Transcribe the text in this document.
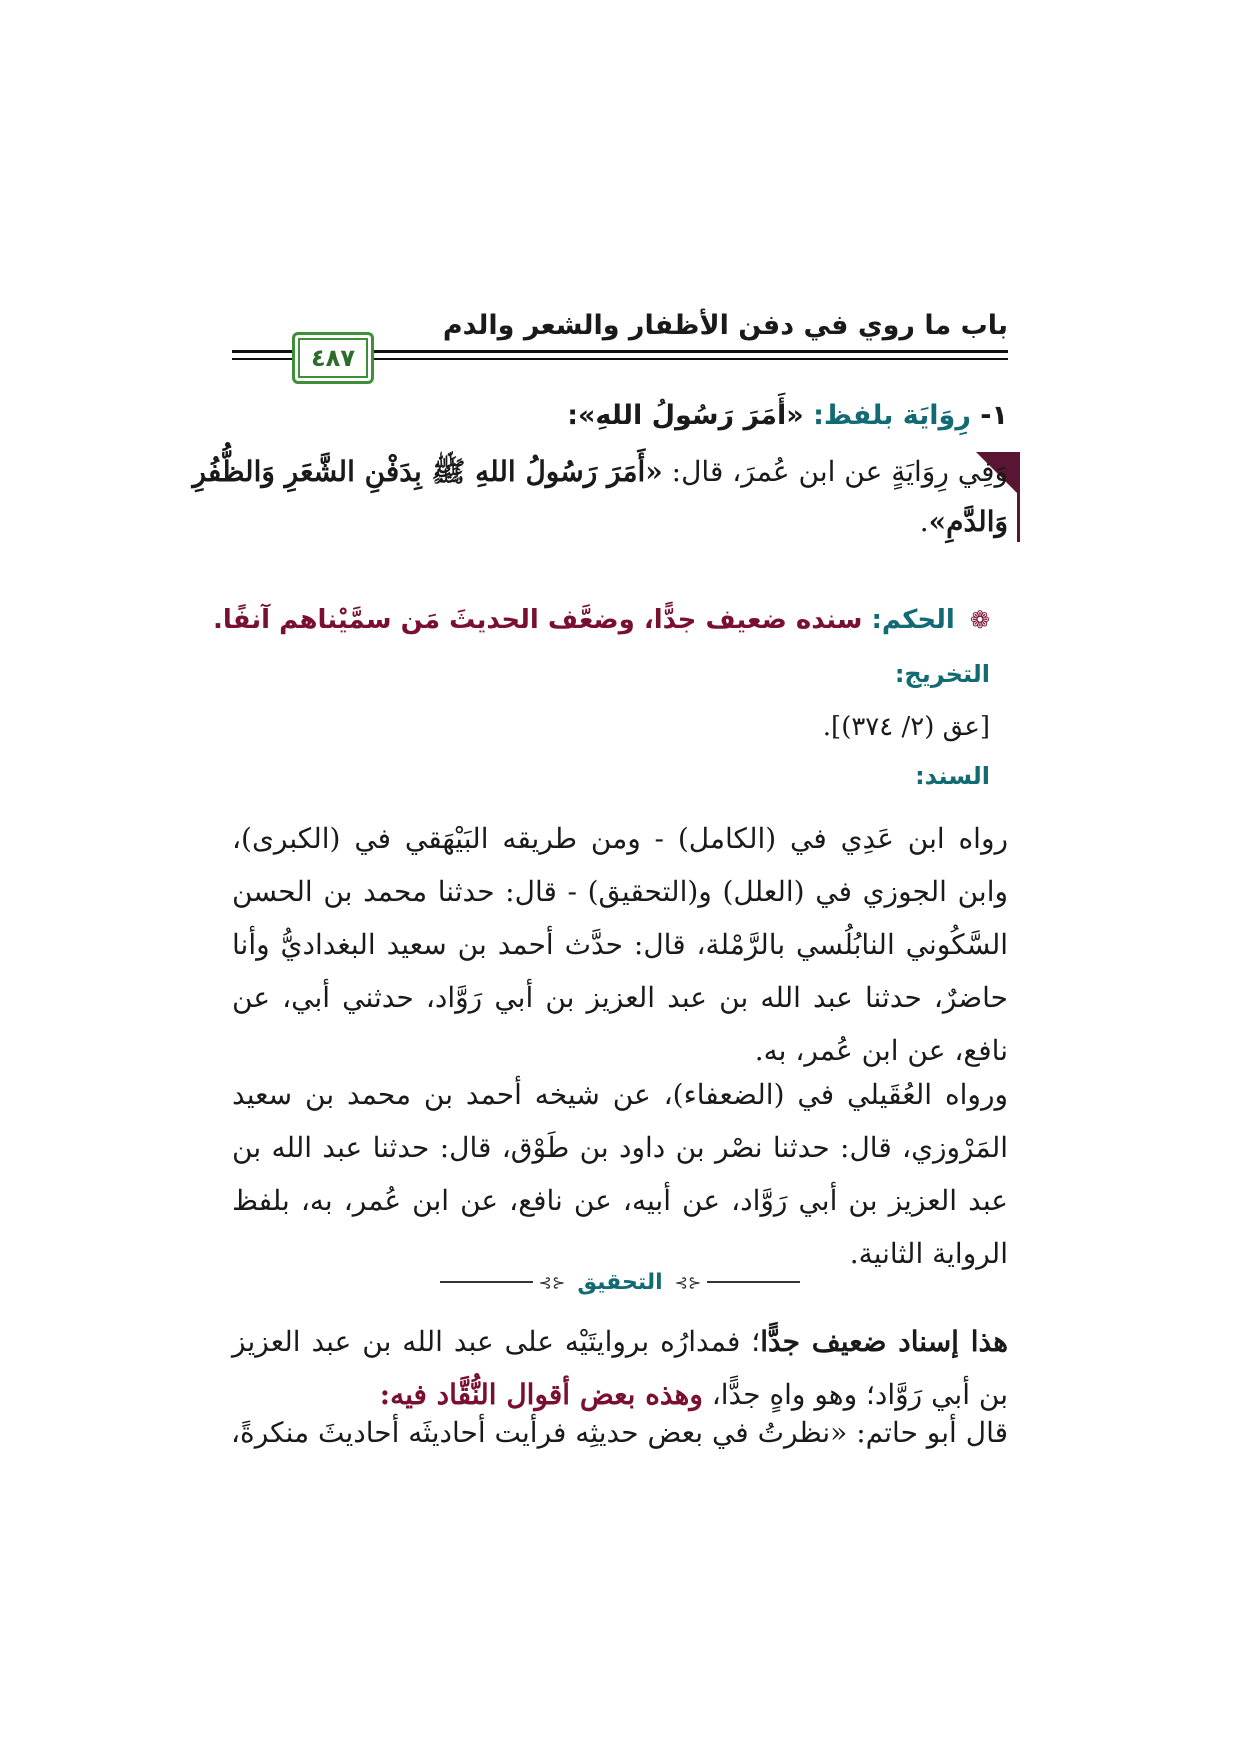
باب ما روي في دفن الأظفار والشعر والدم
٤٨٧
١- رِوَايَة بلفظ: «أَمَرَ رَسُولُ اللهِ»:
وَفِي رِوَايَةٍ عن ابن عُمرَ، قال: «أَمَرَ رَسُولُ اللهِ ﷺ بِدَفْنِ الشَّعَرِ وَالظُّفُرِ
وَالدَّمِ».
❁ الحكم: سنده ضعيف جدًّا، وضعَّف الحديثَ مَن سمَّيْناهم آنفًا.
التخريج:
[عق (٢/ ٣٧٤)].
السند:
رواه ابن عَدِي في (الكامل) - ومن طريقه البَيْهَقي في (الكبرى)، وابن الجوزي في (العلل) و(التحقيق) - قال: حدثنا محمد بن الحسن السَّكُوني النابُلُسي بالرَّمْلة، قال: حدَّث أحمد بن سعيد البغداديُّ وأنا حاضرٌ، حدثنا عبد الله بن عبد العزيز بن أبي رَوَّاد، حدثني أبي، عن نافع، عن ابن عُمر، به.
ورواه العُقَيلي في (الضعفاء)، عن شيخه أحمد بن محمد بن سعيد المَرْوزي، قال: حدثنا نصْر بن داود بن طَوْق، قال: حدثنا عبد الله بن عبد العزيز بن أبي رَوَّاد، عن أبيه، عن نافع، عن ابن عُمر، به، بلفظ الرواية الثانية.
⊰⊱
التحقيق
⊰⊱
هذا إسناد ضعيف جدًّا؛ فمدارُه بروايتَيْه على عبد الله بن عبد العزيز بن أبي رَوَّاد؛ وهو واهٍ جدًّا، وهذه بعض أقوال النُّقَّاد فيه:
قال أبو حاتم: «نظرتُ في بعض حديثِه فرأيت أحاديثَه أحاديثَ منكرةً،
